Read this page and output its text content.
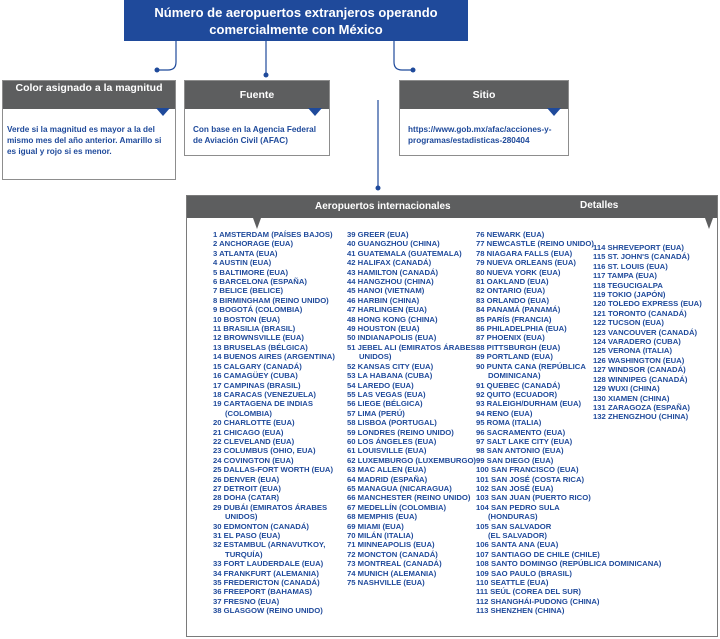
Número de aeropuertos extranjeros operando comercialmente con México
Color asignado a la magnitud
Verde si la magnitud es mayor a la del mismo mes del año anterior. Amarillo si es igual y rojo si es menor.
Fuente
Con base en la Agencia Federal de Aviación Civil (AFAC)
Sitio
https://www.gob.mx/afac/acciones-y-programas/estadisticas-280404
Aeropuertos internacionales	Detalles
1 AMSTERDAM (PAÍSES BAJOS)
2 ANCHORAGE (EUA)
3 ATLANTA (EUA)
4 AUSTIN (EUA)
5 BALTIMORE (EUA)
6 BARCELONA (ESPAÑA)
7 BELICE (BELICE)
8 BIRMINGHAM (REINO UNIDO)
9 BOGOTÁ (COLOMBIA)
10 BOSTON (EUA)
11 BRASILIA (BRASIL)
12 BROWNSVILLE (EUA)
13 BRUSELAS (BÉLGICA)
14 BUENOS AIRES (ARGENTINA)
15 CALGARY (CANADÁ)
16 CAMAGÜEY (CUBA)
17 CAMPINAS (BRASIL)
18 CARACAS (VENEZUELA)
19 CARTAGENA DE INDIAS
(COLOMBIA)
20 CHARLOTTE (EUA)
21 CHICAGO (EUA)
22 CLEVELAND (EUA)
23 COLUMBUS (OHIO, EUA)
24 COVINGTON (EUA)
25 DALLAS-FORT WORTH (EUA)
26 DENVER (EUA)
27 DETROIT (EUA)
28 DOHA (CATAR)
29 DUBÁI (EMIRATOS ÁRABES
UNIDOS)
30 EDMONTON (CANADÁ)
31 EL PASO (EUA)
32 ESTAMBUL (ARNAVUTKOY,
TURQUÍA)
33 FORT LAUDERDALE (EUA)
34 FRANKFURT (ALEMANIA)
35 FREDERICTON (CANADÁ)
36 FREEPORT (BAHAMAS)
37 FRESNO (EUA)
38 GLASGOW (REINO UNIDO)
39 GREER (EUA)
40 GUANGZHOU (CHINA)
41 GUATEMALA (GUATEMALA)
42 HALIFAX (CANADÁ)
43 HAMILTON (CANADÁ)
44 HANGZHOU (CHINA)
45 HANOI (VIETNAM)
46 HARBIN (CHINA)
47 HARLINGEN (EUA)
48 HONG KONG (CHINA)
49 HOUSTON (EUA)
50 INDIANAPOLIS (EUA)
51 JEBEL ALI (EMIRATOS ÁRABES
UNIDOS)
52 KANSAS CITY (EUA)
53 LA HABANA (CUBA)
54 LAREDO (EUA)
55 LAS VEGAS (EUA)
56 LIEGE (BÉLGICA)
57 LIMA (PERÚ)
58 LISBOA (PORTUGAL)
59 LONDRES (REINO UNIDO)
60 LOS ÁNGELES (EUA)
61 LOUISVILLE (EUA)
62 LUXEMBURGO (LUXEMBURGO)
63 MAC ALLEN (EUA)
64 MADRID (ESPAÑA)
65 MANAGUA (NICARAGUA)
66 MANCHESTER (REINO UNIDO)
67 MEDELLÍN (COLOMBIA)
68 MEMPHIS (EUA)
69 MIAMI (EUA)
70 MILÁN (ITALIA)
71 MINNEAPOLIS (EUA)
72 MONCTON (CANADÁ)
73 MONTREAL (CANADÁ)
74 MUNICH (ALEMANIA)
75 NASHVILLE (EUA)
76 NEWARK (EUA)
77 NEWCASTLE (REINO UNIDO)
78 NIAGARA FALLS (EUA)
79 NUEVA ORLEANS (EUA)
80 NUEVA YORK (EUA)
81 OAKLAND (EUA)
82 ONTARIO (EUA)
83 ORLANDO (EUA)
84 PANAMÁ (PANAMÁ)
85 PARÍS (FRANCIA)
86 PHILADELPHIA (EUA)
87 PHOENIX (EUA)
88 PITTSBURGH (EUA)
89 PORTLAND (EUA)
90 PUNTA CANA (REPÚBLICA
DOMINICANA)
91 QUEBEC (CANADÁ)
92 QUITO (ECUADOR)
93 RALEIGH/DURHAM (EUA)
94 RENO (EUA)
95 ROMA (ITALIA)
96 SACRAMENTO (EUA)
97 SALT LAKE CITY (EUA)
98 SAN ANTONIO (EUA)
99 SAN DIEGO (EUA)
100 SAN FRANCISCO (EUA)
101 SAN JOSÉ (COSTA RICA)
102 SAN JOSÉ (EUA)
103 SAN JUAN (PUERTO RICO)
104 SAN PEDRO SULA
(HONDURAS)
105 SAN SALVADOR
(EL SALVADOR)
106 SANTA ANA (EUA)
107 SANTIAGO DE CHILE (CHILE)
108 SANTO DOMINGO (REPÚBLICA DOMINICANA)
109 SAO PAULO (BRASIL)
110 SEATTLE (EUA)
111 SEÚL (COREA DEL SUR)
112 SHANGHÁI-PUDONG (CHINA)
113 SHENZHEN (CHINA)
114 SHREVEPORT (EUA)
115 ST. JOHN'S (CANADÁ)
116 ST. LOUIS (EUA)
117 TAMPA (EUA)
118 TEGUCIGALPA
119 TOKIO (JAPÓN)
120 TOLEDO EXPRESS (EUA)
121 TORONTO (CANADÁ)
122 TUCSON (EUA)
123 VANCOUVER (CANADÁ)
124 VARADERO (CUBA)
125 VERONA (ITALIA)
126 WASHINGTON (EUA)
127 WINDSOR (CANADÁ)
128 WINNIPEG (CANADÁ)
129 WUXI (CHINA)
130 XIAMEN (CHINA)
131 ZARAGOZA (ESPAÑA)
132 ZHENGZHOU (CHINA)
